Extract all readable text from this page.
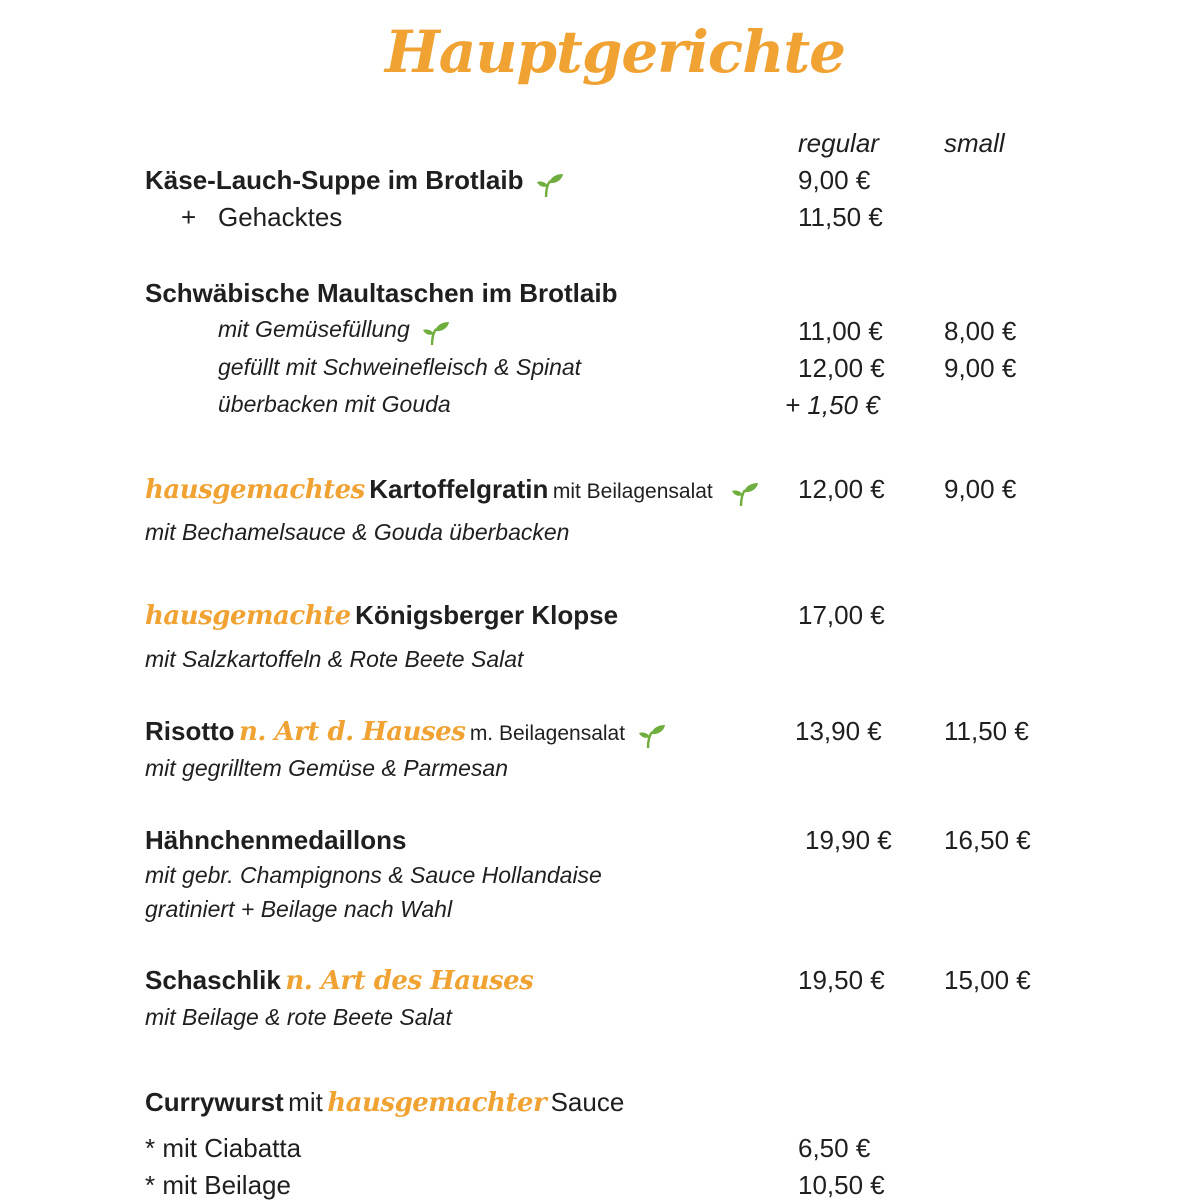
Hauptgerichte
regular	small
Käse-Lauch-Suppe im Brotlaib	9,00 €
+ Gehacktes	11,50 €
Schwäbische Maultaschen im Brotlaib
mit Gemüsefüllung	11,00 € 8,00 €
gefüllt mit Schweinefleisch & Spinat	12,00 € 9,00 €
überbacken mit Gouda	+ 1,50 €
hausgemachtes Kartoffelgratin mit Beilagensalat	12,00 € 9,00 €
mit Bechamelsauce & Gouda überbacken
hausgemachte Königsberger Klopse	17,00 €
mit Salzkartoffeln & Rote Beete Salat
Risotto n. Art d. Hauses m. Beilagensalat	13,90 € 11,50 €
mit gegrilltem Gemüse & Parmesan
Hähnchenmedaillons	19,90 € 16,50 €
mit gebr. Champignons & Sauce Hollandaise
gratiniert + Beilage nach Wahl
Schaschlik n. Art des Hauses	19,50 € 15,00 €
mit Beilage & rote Beete Salat
Currywurst mit hausgemachter Sauce
* mit Ciabatta	6,50 €
* mit Beilage	10,50 €
